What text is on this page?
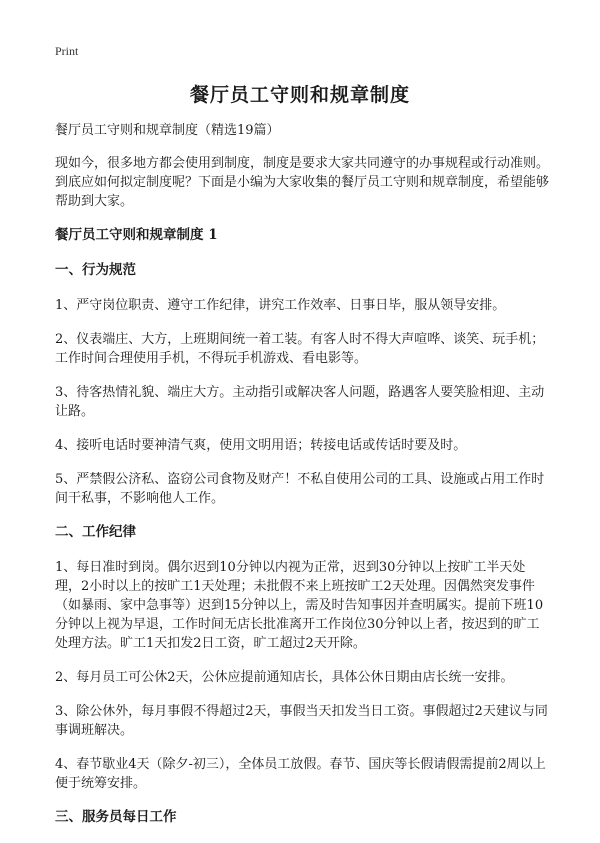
Print
餐厅员工守则和规章制度

餐厅员工守则和规章制度（精选19篇）

现如今，很多地方都会使用到制度，制度是要求大家共同遵守的办事规程或行动准则。到底应如何拟定制度呢？下面是小编为大家收集的餐厅员工守则和规章制度，希望能够帮助到大家。

餐厅员工守则和规章制度 1

一、行为规范

1、严守岗位职责、遵守工作纪律，讲究工作效率、日事日毕，服从领导安排。

2、仪表端庄、大方，上班期间统一着工装。有客人时不得大声喧哗、谈笑、玩手机；工作时间合理使用手机，不得玩手机游戏、看电影等。

3、待客热情礼貌、端庄大方。主动指引或解决客人问题，路遇客人要笑脸相迎、主动让路。

4、接听电话时要神清气爽，使用文明用语；转接电话或传话时要及时。

5、严禁假公济私、盗窃公司食物及财产！不私自使用公司的工具、设施或占用工作时间干私事，不影响他人工作。

二、工作纪律

1、每日准时到岗。偶尔迟到10分钟以内视为正常，迟到30分钟以上按旷工半天处理，2小时以上的按旷工1天处理；未批假不来上班按旷工2天处理。因偶然突发事件（如暴雨、家中急事等）迟到15分钟以上，需及时告知事因并查明属实。提前下班10分钟以上视为早退，工作时间无店长批准离开工作岗位30分钟以上者，按迟到的旷工处理方法。旷工1天扣发2日工资，旷工超过2天开除。

2、每月员工可公休2天，公休应提前通知店长，具体公休日期由店长统一安排。

3、除公休外，每月事假不得超过2天，事假当天扣发当日工资。事假超过2天建议与同事调班解决。

4、春节歇业4天（除夕-初三），全体员工放假。春节、国庆等长假请假需提前2周以上便于统筹安排。

三、服务员每日工作
